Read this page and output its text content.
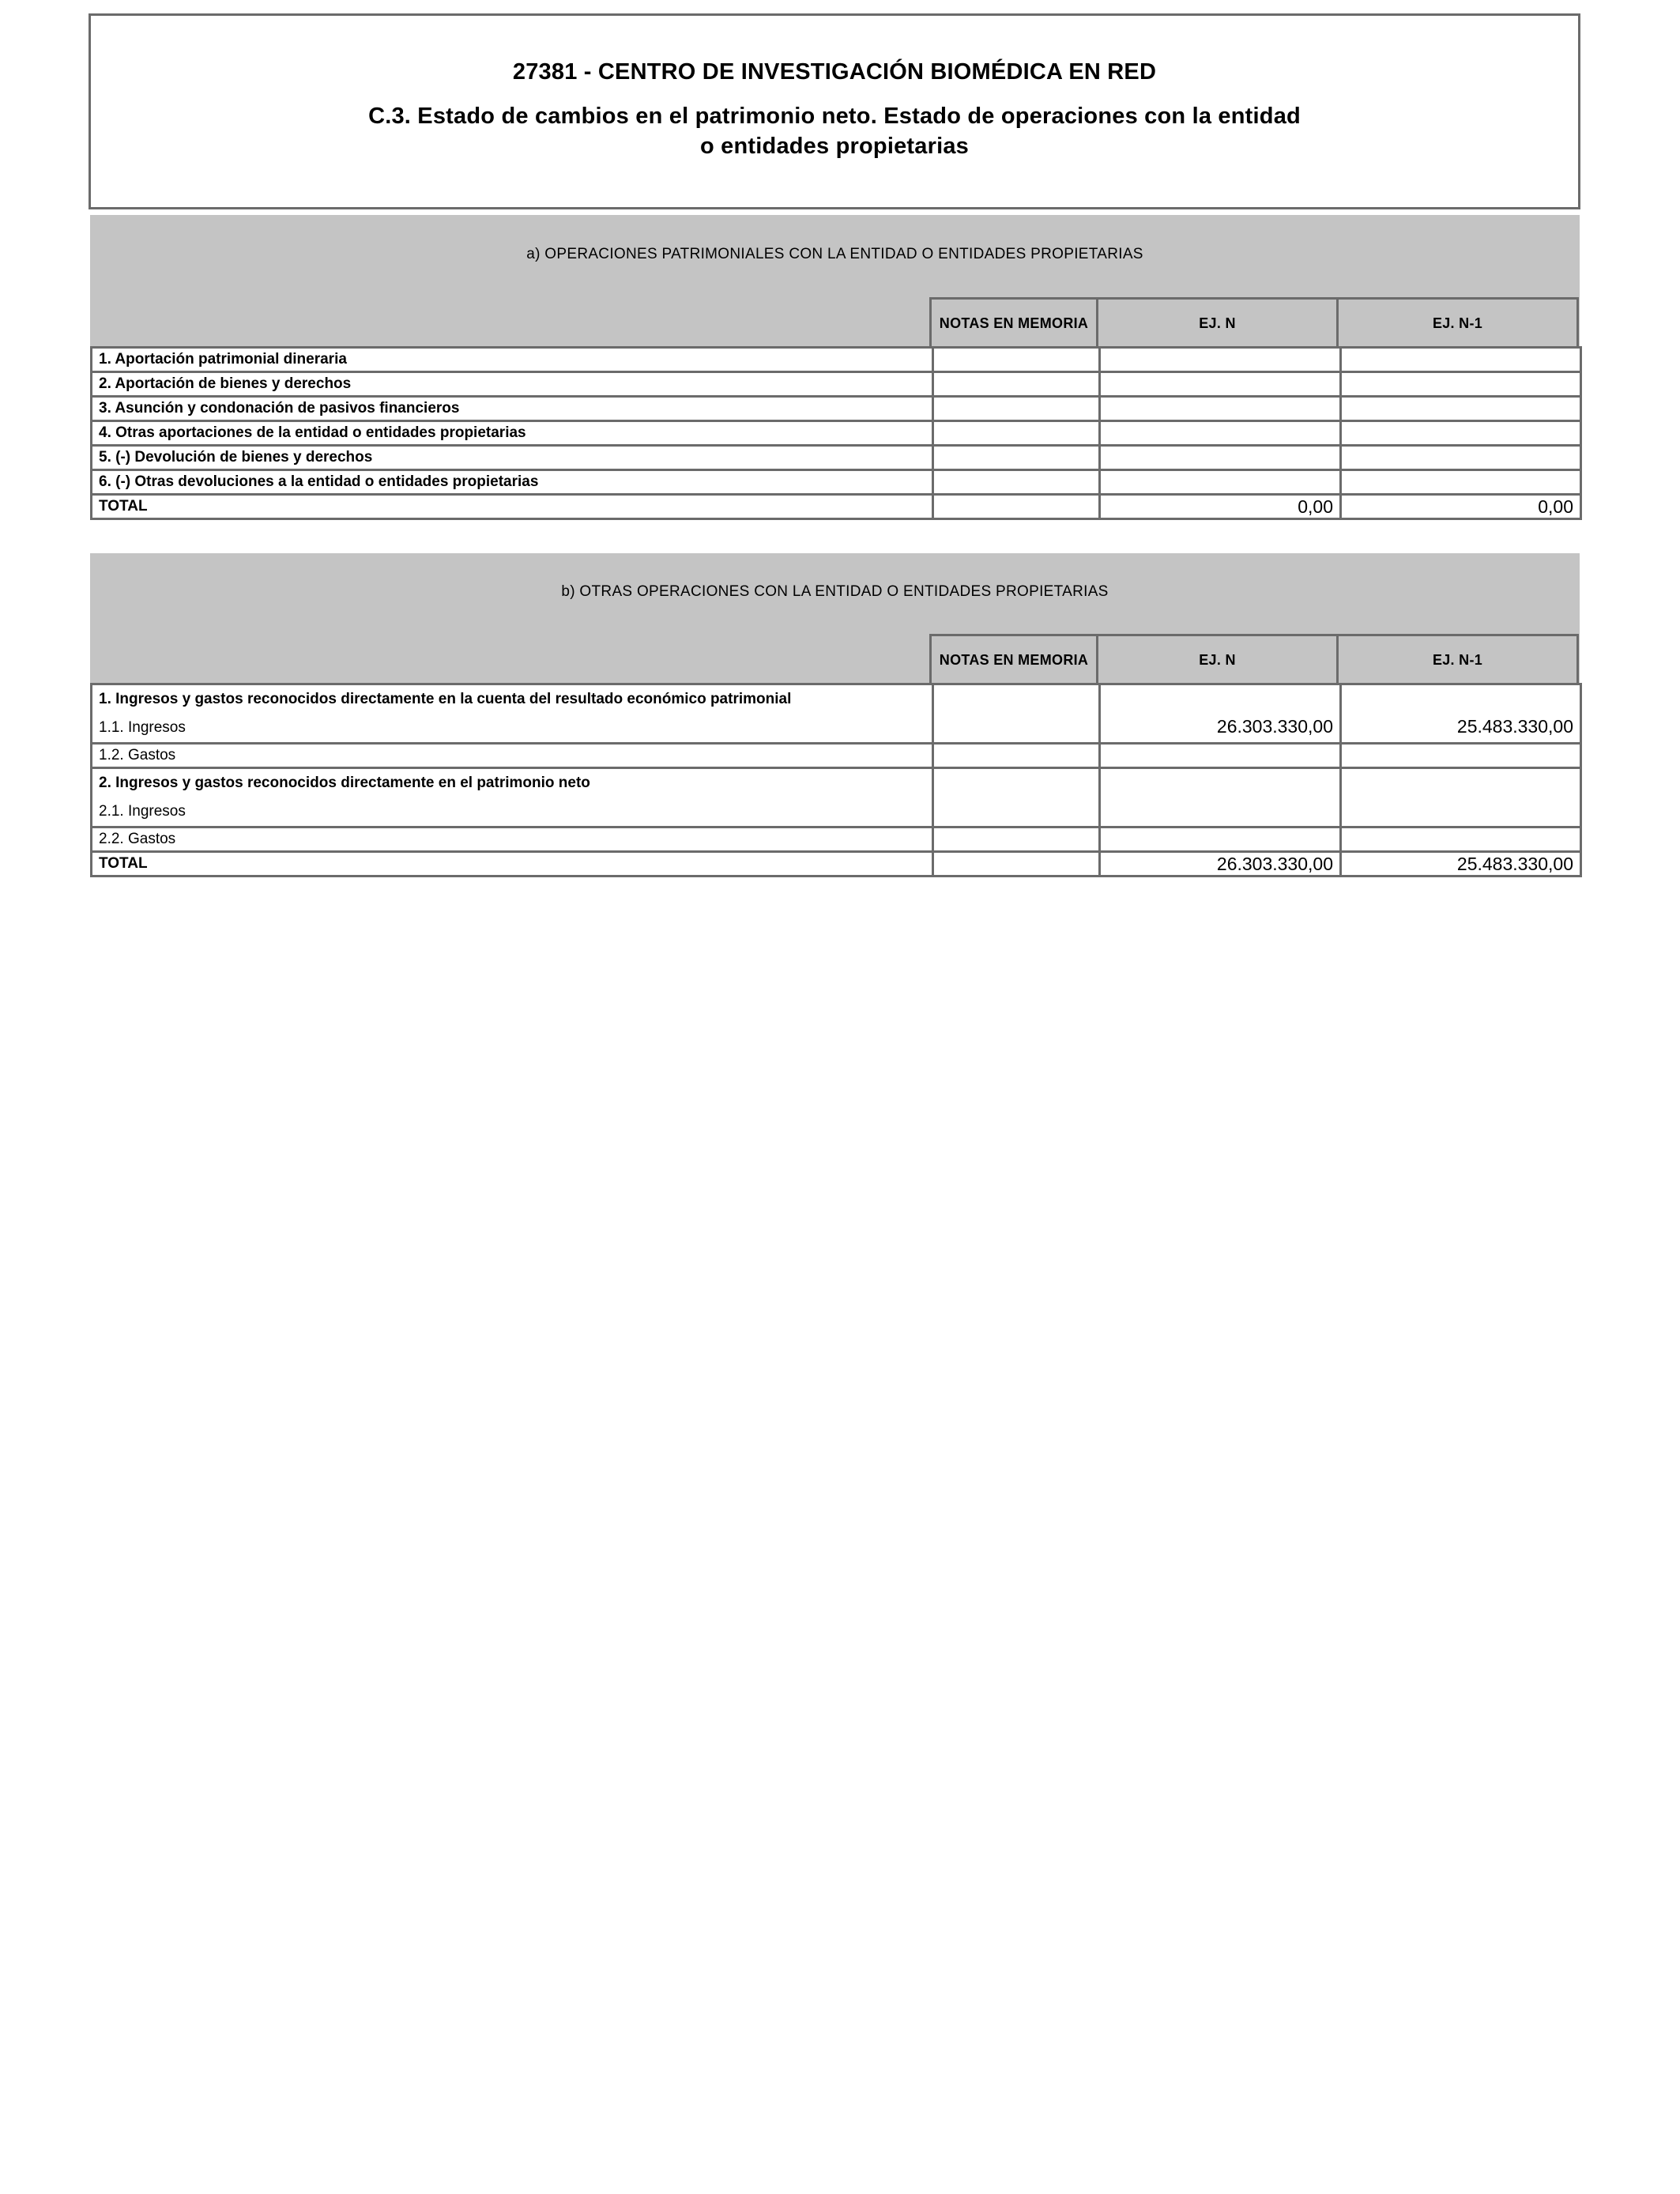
27381 - CENTRO DE INVESTIGACIÓN BIOMÉDICA EN RED
C.3. Estado de cambios en el patrimonio neto. Estado de operaciones con la entidad o entidades propietarias
a) OPERACIONES PATRIMONIALES CON LA ENTIDAD O ENTIDADES PROPIETARIAS
NOTAS EN MEMORIA	EJ. N	EJ. N-1
1. Aportación patrimonial dineraria			
2. Aportación de bienes y derechos			
3. Asunción y condonación de pasivos financieros			
4. Otras aportaciones de la entidad o entidades propietarias			
5. (-) Devolución de bienes y derechos			
6. (-) Otras devoluciones a la entidad o entidades propietarias			
TOTAL		0,00	0,00
b) OTRAS OPERACIONES CON LA ENTIDAD O ENTIDADES PROPIETARIAS
NOTAS EN MEMORIA	EJ. N	EJ. N-1
1. Ingresos y gastos reconocidos directamente en la cuenta del resultado económico patrimonial
1.1. Ingresos		26.303.330,00	25.483.330,00
1.2. Gastos			

2. Ingresos y gastos reconocidos directamente en el patrimonio neto
2.1. Ingresos			

2.2. Gastos			
TOTAL		26.303.330,00	25.483.330,00
